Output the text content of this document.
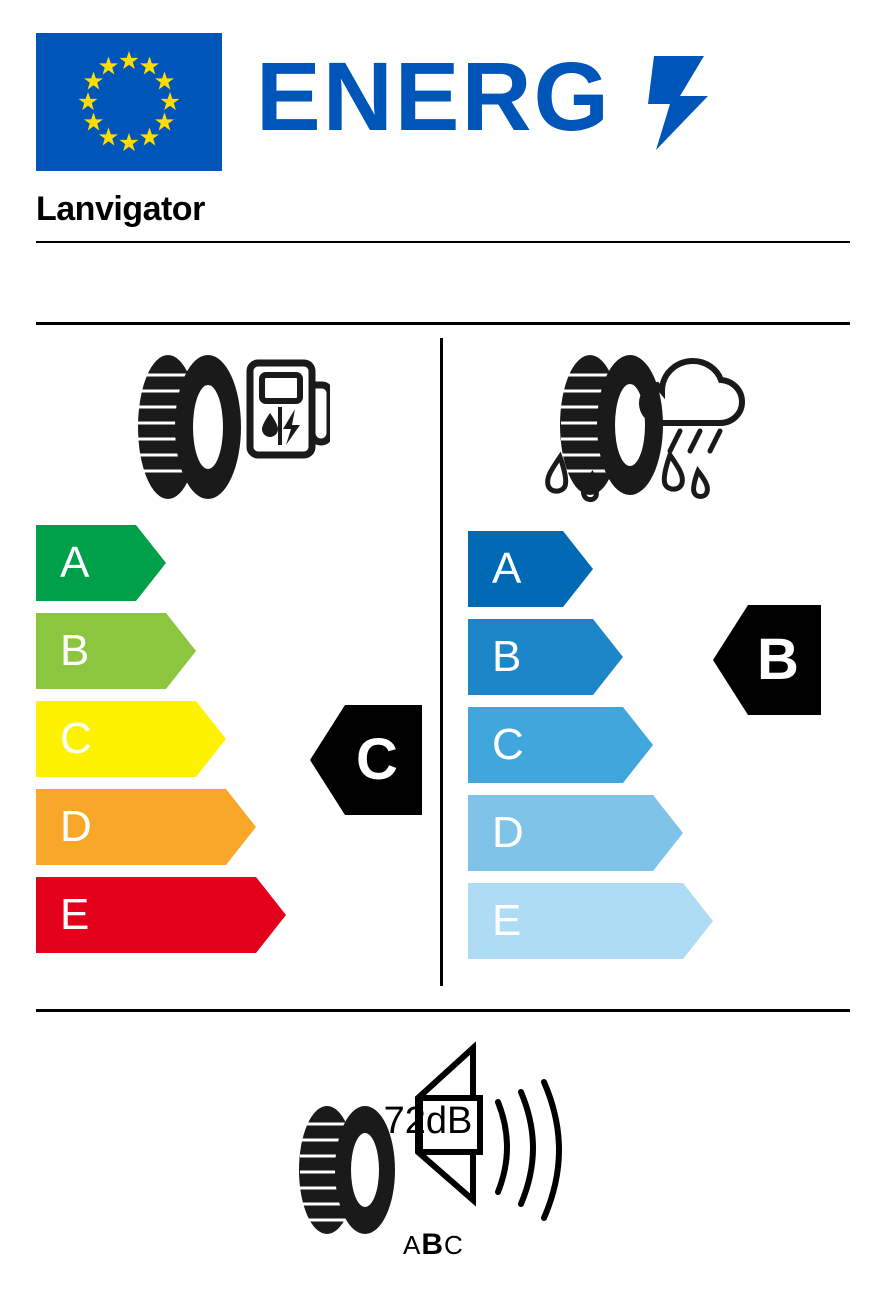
ENERG
Lanvigator
A
B
C
D
E
A
B
C
D
E
C
B
72dB
ABC
